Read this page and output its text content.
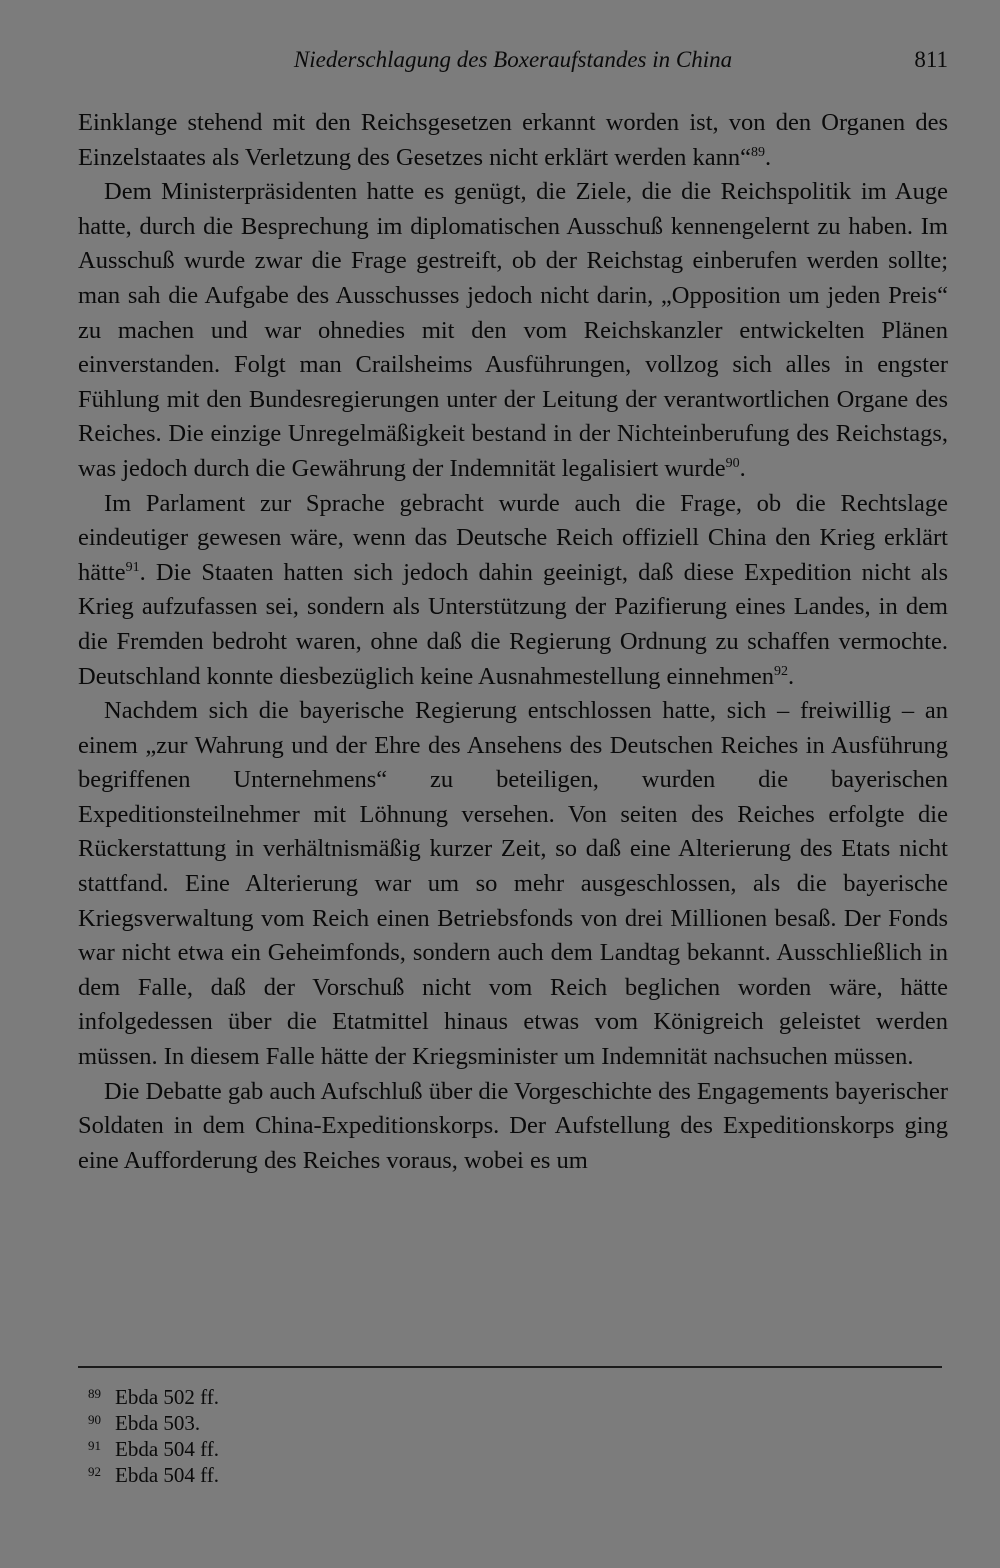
Niederschlagung des Boxeraufstandes in China	811

Einklange stehend mit den Reichsgesetzen erkannt worden ist, von den Organen des Einzelstaates als Verletzung des Gesetzes nicht erklärt werden kann“$^{89}$.

Dem Ministerpräsidenten hatte es genügt, die Ziele, die die Reichspolitik im Auge hatte, durch die Besprechung im diplomatischen Ausschuß kennengelernt zu haben. Im Ausschuß wurde zwar die Frage gestreift, ob der Reichstag einberufen werden sollte; man sah die Aufgabe des Ausschusses jedoch nicht darin, „Opposition um jeden Preis“ zu machen und war ohnedies mit den vom Reichskanzler entwickelten Plänen einverstanden. Folgt man Crailsheims Ausführungen, vollzog sich alles in engster Fühlung mit den Bundesregierungen unter der Leitung der verantwortlichen Organe des Reiches. Die einzige Unregelmäßigkeit bestand in der Nichteinberufung des Reichstags, was jedoch durch die Gewährung der Indemnität legalisiert wurde$^{90}$.

Im Parlament zur Sprache gebracht wurde auch die Frage, ob die Rechtslage eindeutiger gewesen wäre, wenn das Deutsche Reich offiziell China den Krieg erklärt hätte$^{91}$. Die Staaten hatten sich jedoch dahin geeinigt, daß diese Expedition nicht als Krieg aufzufassen sei, sondern als Unterstützung der Pazifierung eines Landes, in dem die Fremden bedroht waren, ohne daß die Regierung Ordnung zu schaffen vermochte. Deutschland konnte diesbezüglich keine Ausnahmestellung einnehmen$^{92}$.

Nachdem sich die bayerische Regierung entschlossen hatte, sich – freiwillig – an einem „zur Wahrung und der Ehre des Ansehens des Deutschen Reiches in Ausführung begriffenen Unternehmens“ zu beteiligen, wurden die bayerischen Expeditionsteilnehmer mit Löhnung versehen. Von seiten des Reiches erfolgte die Rückerstattung in verhältnismäßig kurzer Zeit, so daß eine Alterierung des Etats nicht stattfand. Eine Alterierung war um so mehr ausgeschlossen, als die bayerische Kriegsverwaltung vom Reich einen Betriebsfonds von drei Millionen besaß. Der Fonds war nicht etwa ein Geheimfonds, sondern auch dem Landtag bekannt. Ausschließlich in dem Falle, daß der Vorschuß nicht vom Reich beglichen worden wäre, hätte infolgedessen über die Etatmittel hinaus etwas vom Königreich geleistet werden müssen. In diesem Falle hätte der Kriegsminister um Indemnität nachsuchen müssen.

Die Debatte gab auch Aufschluß über die Vorgeschichte des Engagements bayerischer Soldaten in dem China-Expeditionskorps. Der Aufstellung des Expeditionskorps ging eine Aufforderung des Reiches voraus, wobei es um

89 Ebda 502 ff.
90 Ebda 503.
91 Ebda 504 ff.
92 Ebda 504 ff.
